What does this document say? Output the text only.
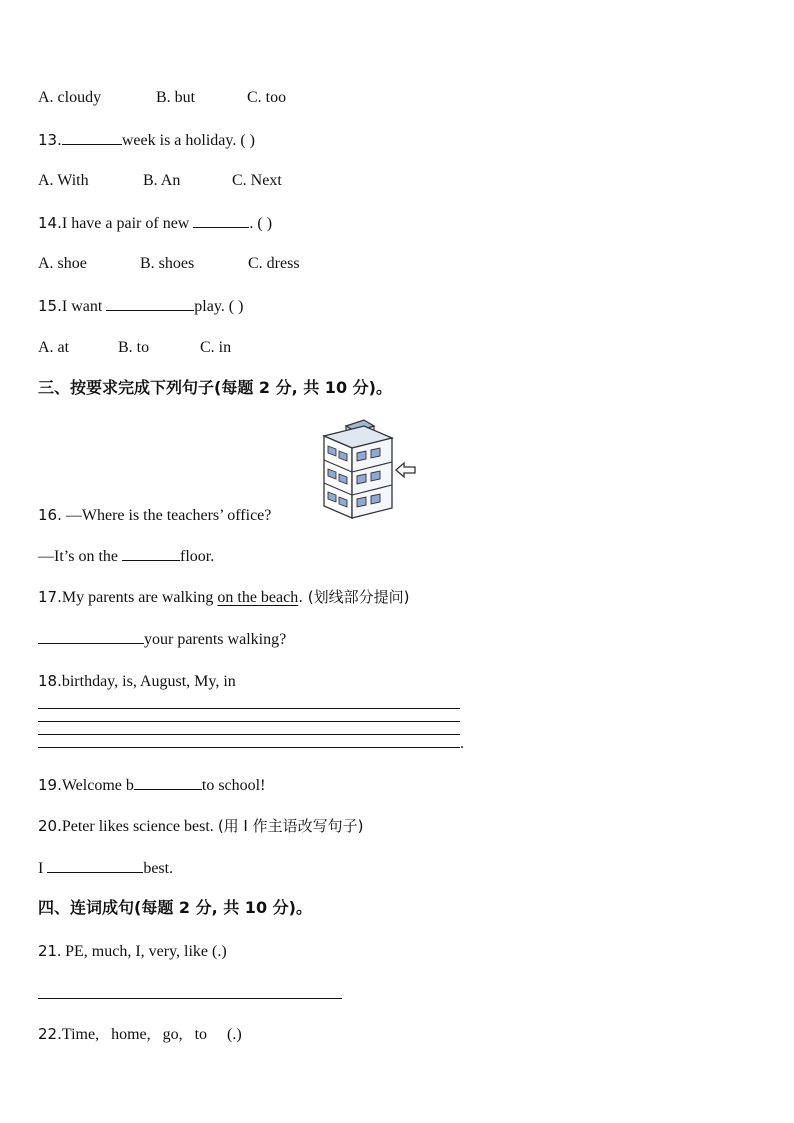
A. cloudy	B. but	C. too
13.	week is a holiday. ( )
A. With	B. An	C. Next
14.I have a pair of new	. ( )
A. shoe	B. shoes	C. dress
15.I want	play. ( )
A. at	B. to	C. in
三、按要求完成下列句子(每题 2 分, 共 10 分)。
16. —Where is the teachers’ office?
—It’s on the	floor.
17.My parents are walking on the beach. (划线部分提问)
your parents walking?
18.birthday, is, August, My, in
.
19.Welcome b	to school!
20.Peter likes science best. (用 I 作主语改写句子)
I	best.
四、连词成句(每题 2 分, 共 10 分)。
21. PE, much, I, very, like (.)
22.Time,   home,   go,   to     (.)
